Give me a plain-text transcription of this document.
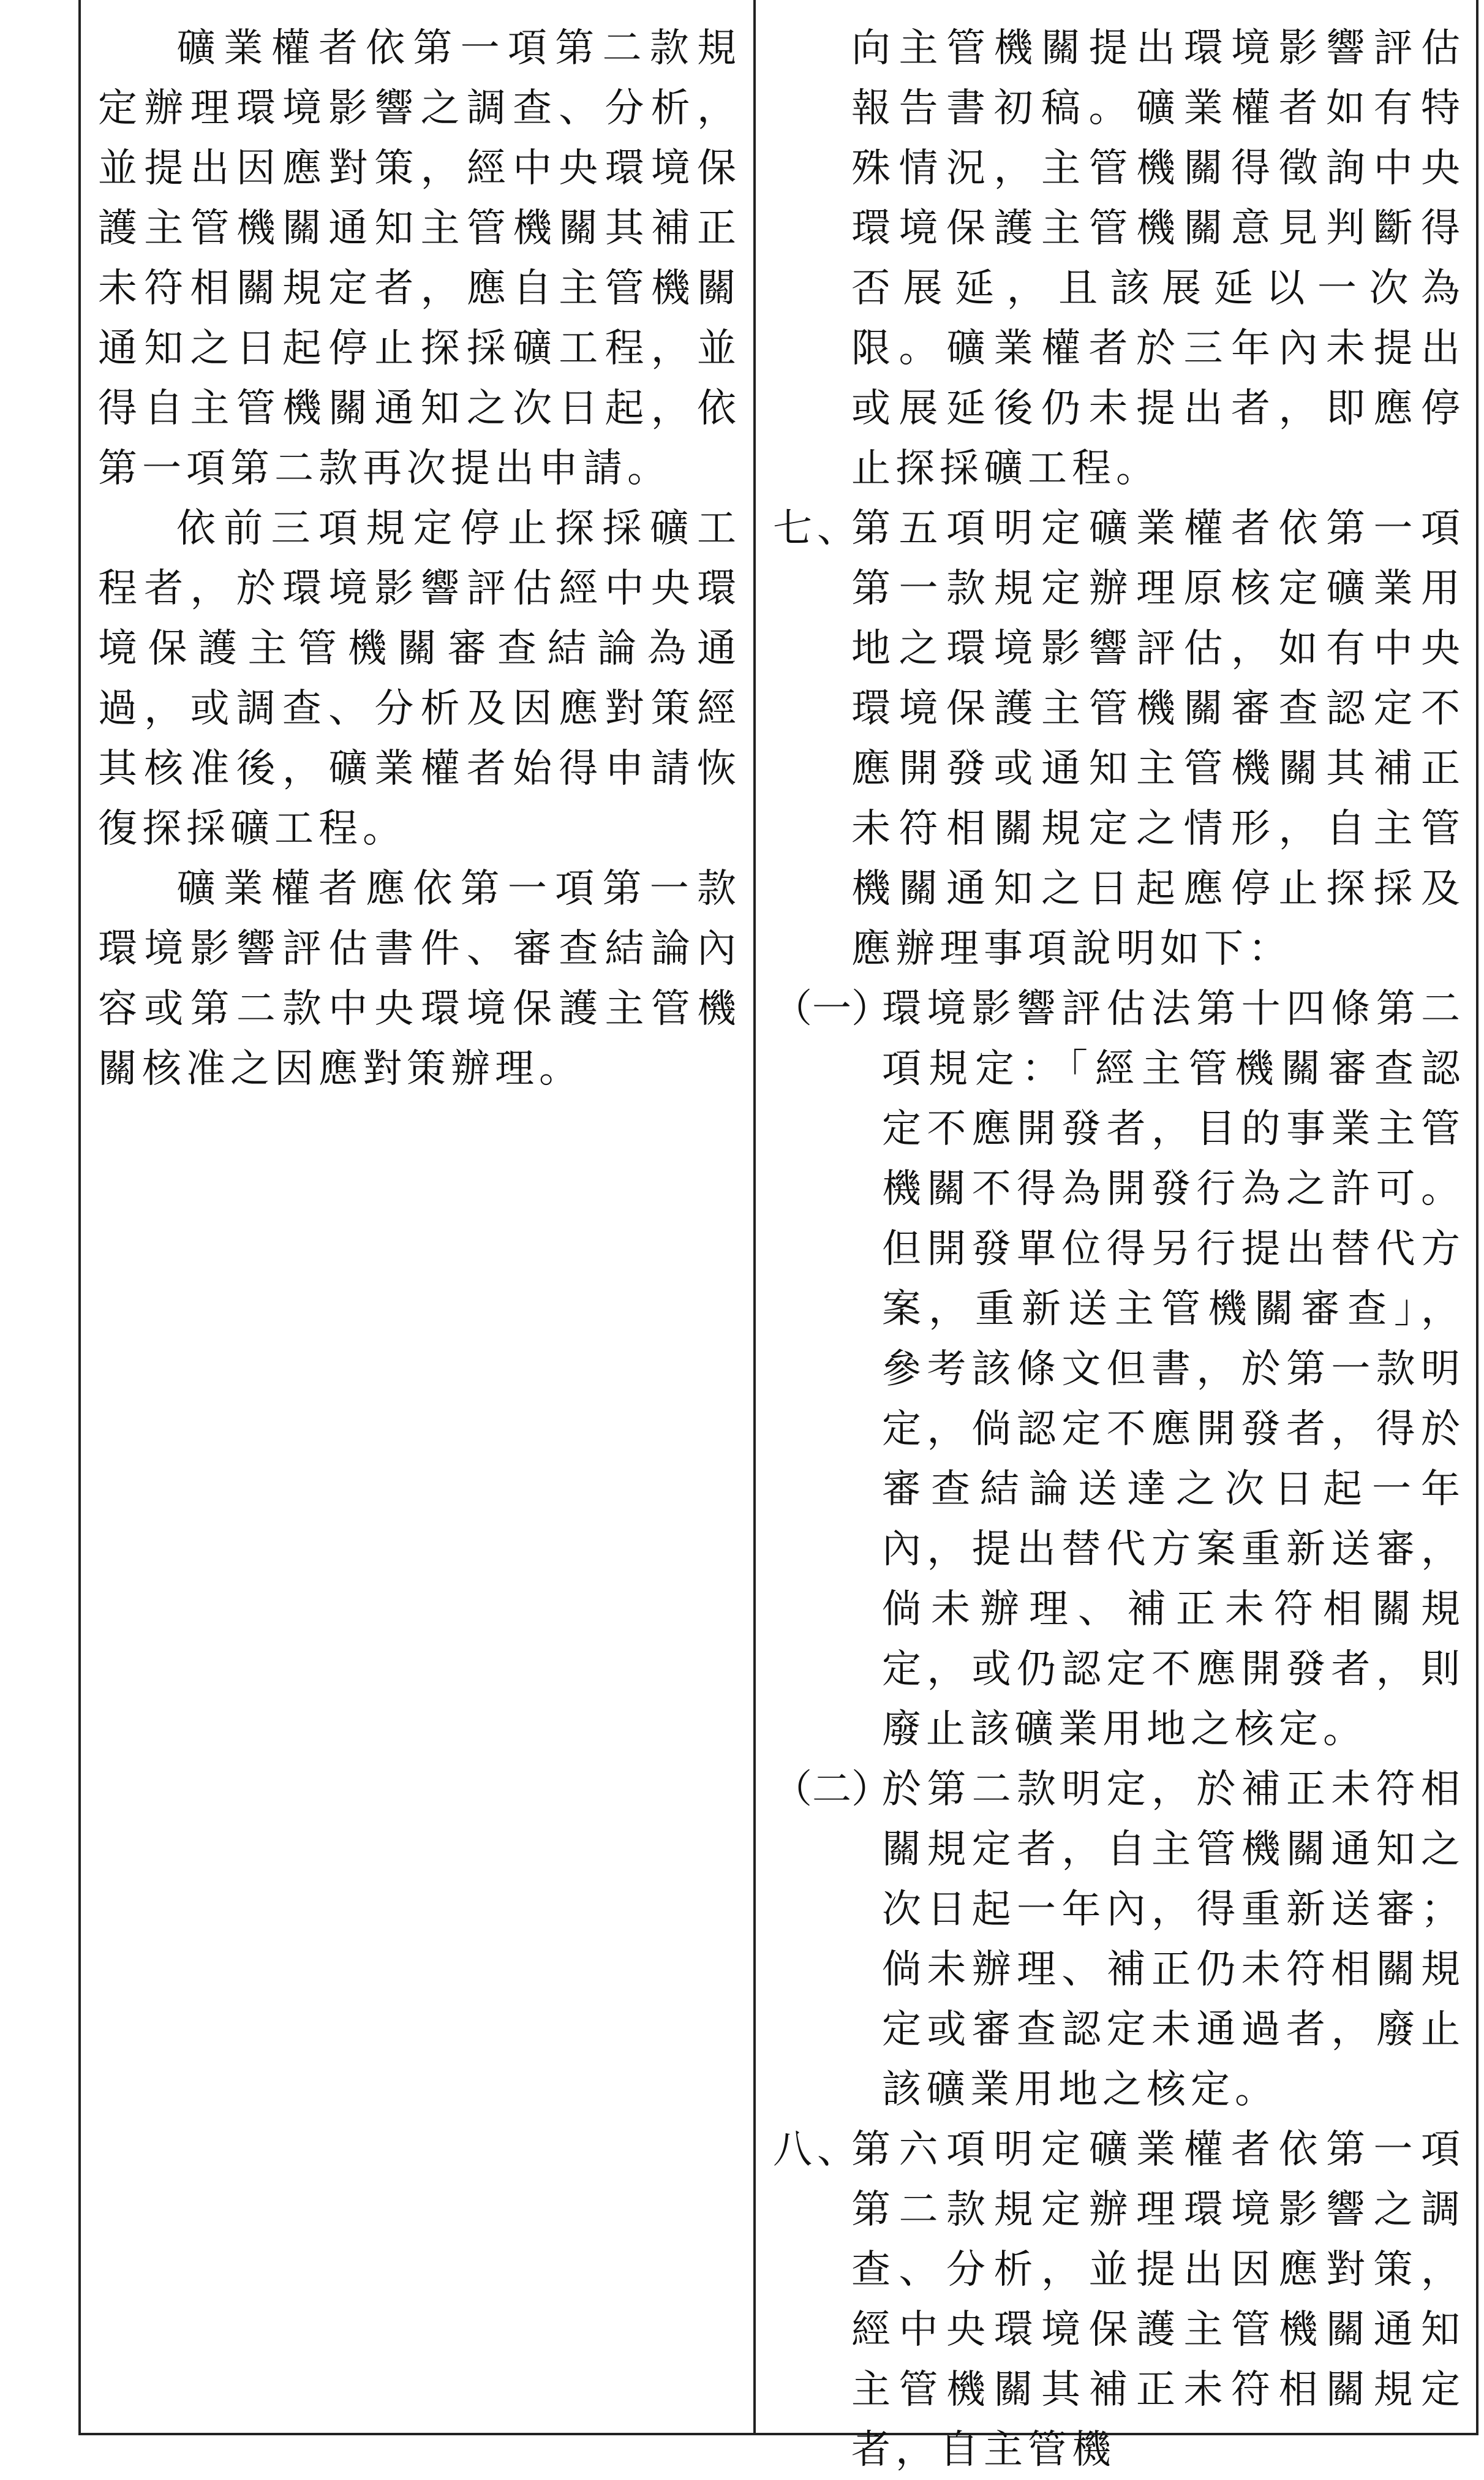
礦業權者依第一項第二款規定辦理環境影響之調查、分析，並提出因應對策，經中央環境保護主管機關通知主管機關其補正未符相關規定者，應自主管機關通知之日起停止探採礦工程，並得自主管機關通知之次日起，依第一項第二款再次提出申請。

依前三項規定停止探採礦工程者，於環境影響評估經中央環境保護主管機關審查結論為通過，或調查、分析及因應對策經其核准後，礦業權者始得申請恢復探採礦工程。

礦業權者應依第一項第一款環境影響評估書件、審查結論內容或第二款中央環境保護主管機關核准之因應對策辦理。

向主管機關提出環境影響評估報告書初稿。礦業權者如有特殊情況，主管機關得徵詢中央環境保護主管機關意見判斷得否展延，且該展延以一次為限。礦業權者於三年內未提出或展延後仍未提出者，即應停止探採礦工程。

七、
第五項明定礦業權者依第一項第一款規定辦理原核定礦業用地之環境影響評估，如有中央環境保護主管機關審查認定不應開發或通知主管機關其補正未符相關規定之情形，自主管機關通知之日起應停止探採及應辦理事項說明如下：
（一）
環境影響評估法第十四條第二項規定：「經主管機關審查認定不應開發者，目的事業主管機關不得為開發行為之許可。但開發單位得另行提出替代方案，重新送主管機關審查」，參考該條文但書，於第一款明定，倘認定不應開發者，得於審查結論送達之次日起一年內，提出替代方案重新送審，倘未辦理、補正未符相關規定，或仍認定不應開發者，則廢止該礦業用地之核定。
（二）
於第二款明定，於補正未符相關規定者，自主管機關通知之次日起一年內，得重新送審；倘未辦理、補正仍未符相關規定或審查認定未通過者，廢止該礦業用地之核定。
八、
第六項明定礦業權者依第一項第二款規定辦理環境影響之調查、分析，並提出因應對策，經中央環境保護主管機關通知主管機關其補正未符相關規定者，自主管機
